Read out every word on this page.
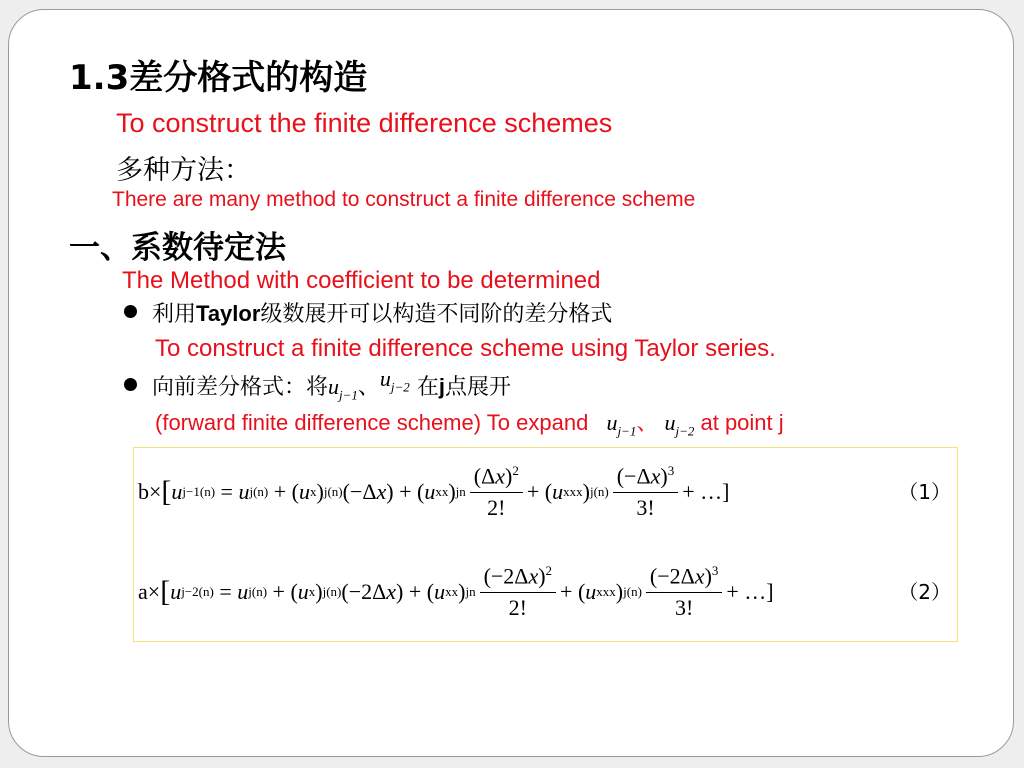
1.3差分格式的构造
To construct the finite difference schemes
多种方法：
There are many method to construct a finite difference scheme
一、系数待定法
The Method with coefficient to be determined
利用Taylor级数展开可以构造不同阶的差分格式
To construct a finite difference scheme using Taylor series.
向前差分格式：将$u_{j-1}$、$u_{j-2}$ 在j点展开
(forward finite difference scheme) To expand $u_{j-1}$、 $u_{j-2}$ at point j
b × [ u j−1 (n) = u j (n) + ( u x ) j (n) (−Δ x ) + ( u xx ) j n $\frac{(\Delta x)^2}{2!}$ + ( u xxx ) j $(n) \frac{(-\Delta x)^3}{3!}$ + …]	（1）
a × [ u j−2 (n) = u j (n) + ( u x ) j (n) (−2Δ x ) + ( u xx ) j n $\frac{(-2\Delta x)^2}{2!}$ + ( u xxx ) j $(n) \frac{(-2\Delta x)^3}{3!}$ + …]	（2）
